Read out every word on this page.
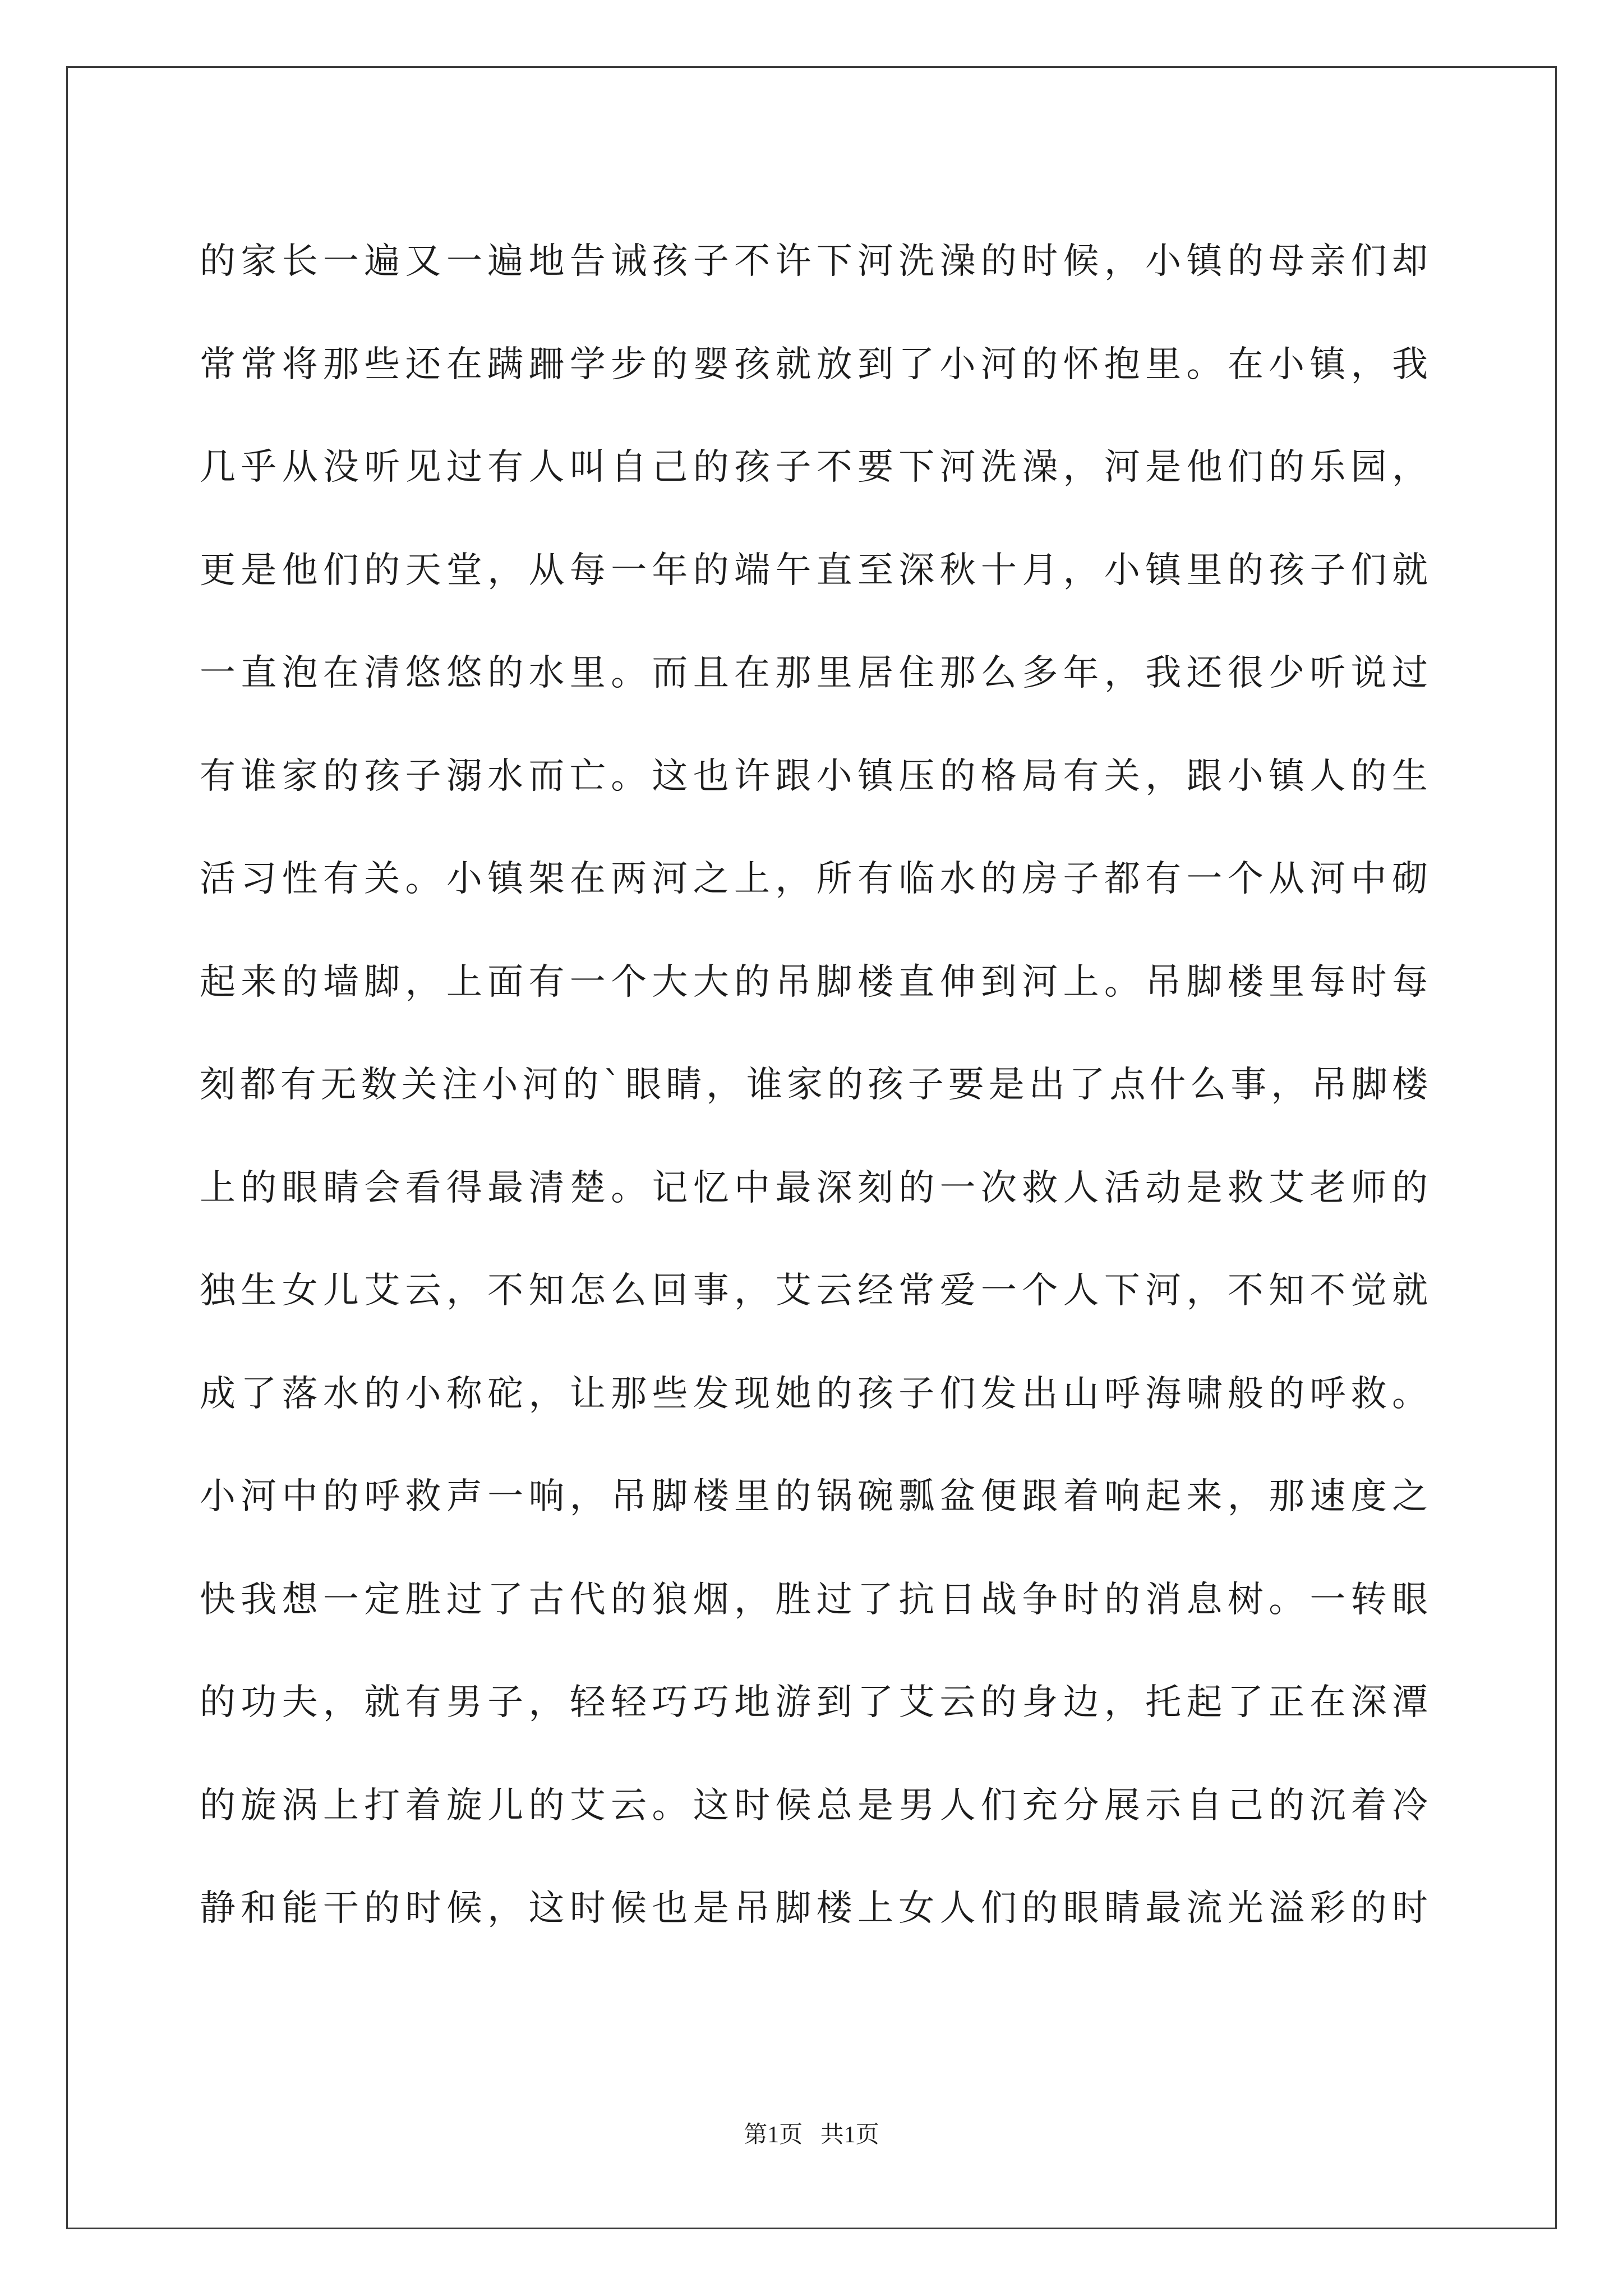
的家长一遍又一遍地告诫孩子不许下河洗澡的时候，小镇的母亲们却
常常将那些还在蹒跚学步的婴孩就放到了小河的怀抱里。在小镇，我
几乎从没听见过有人叫自己的孩子不要下河洗澡，河是他们的乐园，
更是他们的天堂，从每一年的端午直至深秋十月，小镇里的孩子们就
一直泡在清悠悠的水里。而且在那里居住那么多年，我还很少听说过
有谁家的孩子溺水而亡。这也许跟小镇压的格局有关，跟小镇人的生
活习性有关。小镇架在两河之上，所有临水的房子都有一个从河中砌
起来的墙脚，上面有一个大大的吊脚楼直伸到河上。吊脚楼里每时每
刻都有无数关注小河的`眼睛，谁家的孩子要是出了点什么事，吊脚楼
上的眼睛会看得最清楚。记忆中最深刻的一次救人活动是救艾老师的
独生女儿艾云，不知怎么回事，艾云经常爱一个人下河，不知不觉就
成了落水的小称砣，让那些发现她的孩子们发出山呼海啸般的呼救。
小河中的呼救声一响，吊脚楼里的锅碗瓢盆便跟着响起来，那速度之
快我想一定胜过了古代的狼烟，胜过了抗日战争时的消息树。一转眼
的功夫，就有男子，轻轻巧巧地游到了艾云的身边，托起了正在深潭
的旋涡上打着旋儿的艾云。这时候总是男人们充分展示自己的沉着冷
静和能干的时候，这时候也是吊脚楼上女人们的眼睛最流光溢彩的时
第1页   共1页
